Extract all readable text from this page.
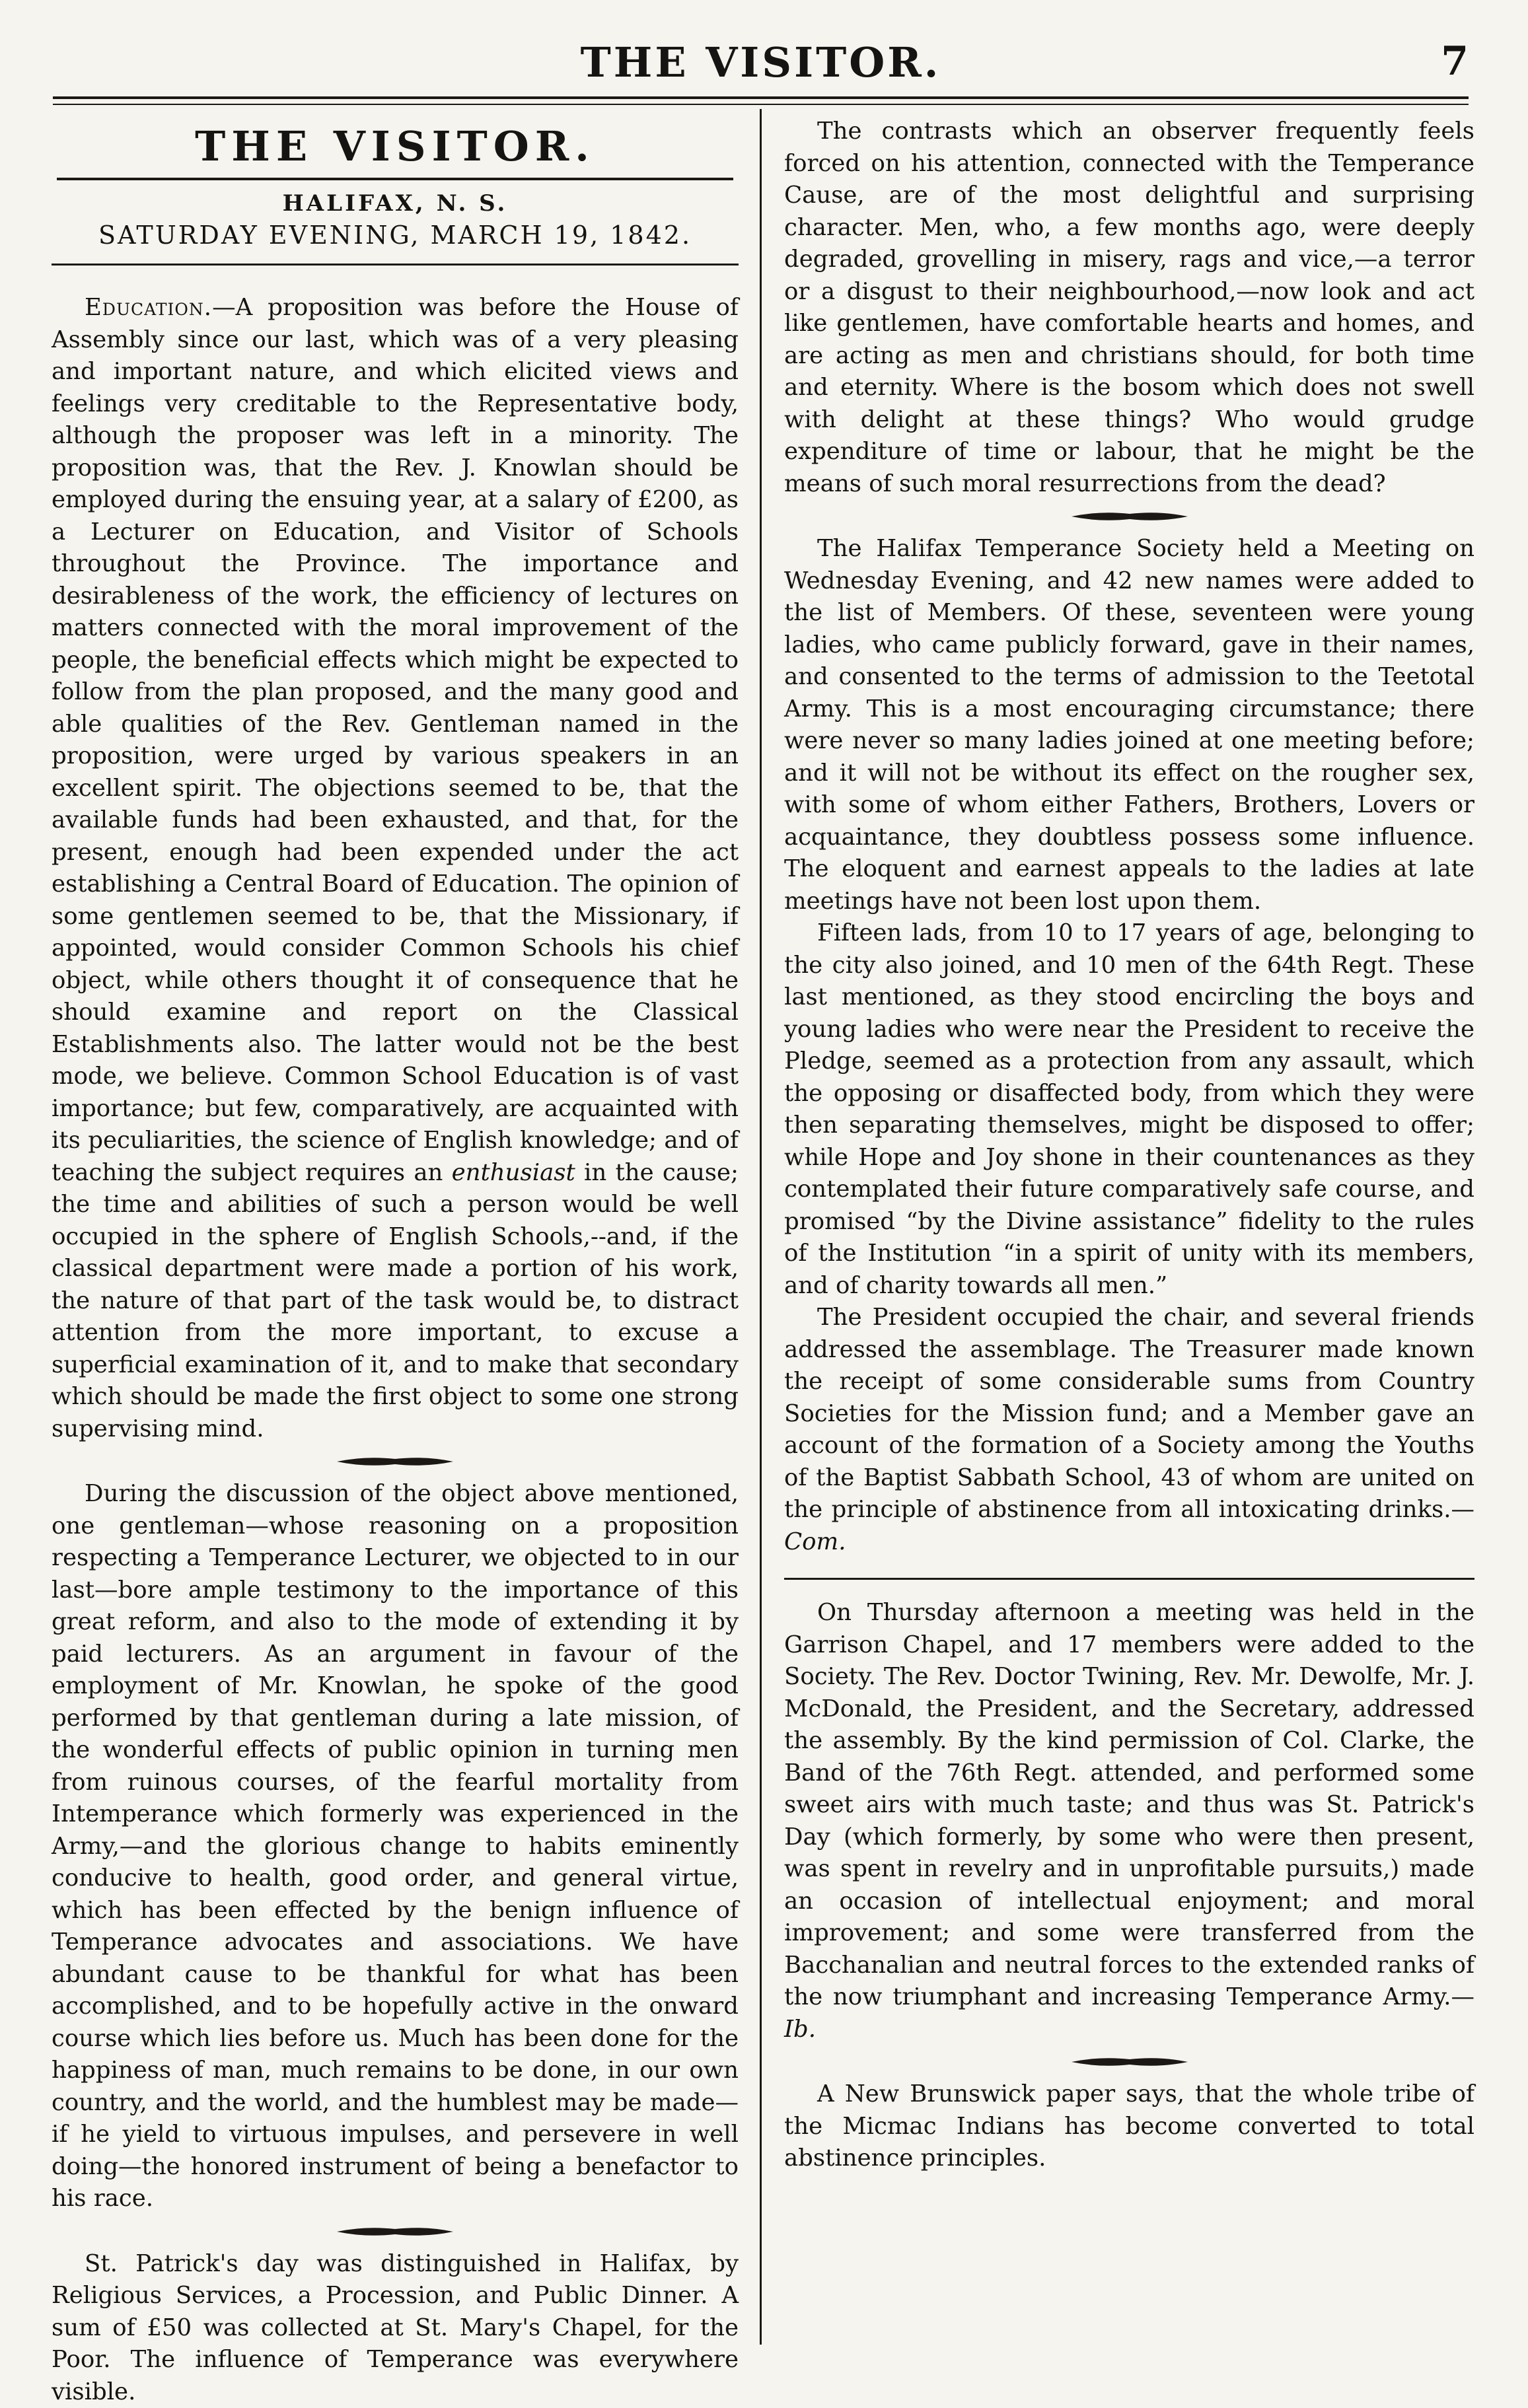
THE VISITOR.	7
THE VISITOR.
HALIFAX, N. S.
SATURDAY EVENING, MARCH 19, 1842.

Education.—A proposition was before the House of Assembly since our last, which was of a very pleasing and important nature, and which elicited views and feelings very creditable to the Representative body, although the proposer was left in a minority. The proposition was, that the Rev. J. Knowlan should be employed during the ensuing year, at a salary of £200, as a Lecturer on Education, and Visitor of Schools throughout the Province. The importance and desirableness of the work, the efficiency of lectures on matters connected with the moral improvement of the people, the beneficial effects which might be expected to follow from the plan proposed, and the many good and able qualities of the Rev. Gentleman named in the proposition, were urged by various speakers in an excellent spirit. The objections seemed to be, that the available funds had been exhausted, and that, for the present, enough had been expended under the act establishing a Central Board of Education. The opinion of some gentlemen seemed to be, that the Missionary, if appointed, would consider Common Schools his chief object, while others thought it of consequence that he should examine and report on the Classical Establishments also. The latter would not be the best mode, we believe. Common School Education is of vast importance; but few, comparatively, are acquainted with its peculiarities, the science of English knowledge; and of teaching the subject requires an enthusiast in the cause; the time and abilities of such a person would be well occupied in the sphere of English Schools,--and, if the classical department were made a portion of his work, the nature of that part of the task would be, to distract attention from the more important, to excuse a superficial examination of it, and to make that secondary which should be made the first object to some one strong supervising mind.

During the discussion of the object above mentioned, one gentleman—whose reasoning on a proposition respecting a Temperance Lecturer, we objected to in our last—bore ample testimony to the importance of this great reform, and also to the mode of extending it by paid lecturers. As an argument in favour of the employment of Mr. Knowlan, he spoke of the good performed by that gentleman during a late mission, of the wonderful effects of public opinion in turning men from ruinous courses, of the fearful mortality from Intemperance which formerly was experienced in the Army,—and the glorious change to habits eminently conducive to health, good order, and general virtue, which has been effected by the benign influence of Temperance advocates and associations. We have abundant cause to be thankful for what has been accomplished, and to be hopefully active in the onward course which lies before us. Much has been done for the happiness of man, much remains to be done, in our own country, and the world, and the humblest may be made—if he yield to virtuous impulses, and persevere in well doing—the honored instrument of being a benefactor to his race.

St. Patrick's day was distinguished in Halifax, by Religious Services, a Procession, and Public Dinner. A sum of £50 was collected at St. Mary's Chapel, for the Poor. The influence of Temperance was everywhere visible.

The contrasts which an observer frequently feels forced on his attention, connected with the Temperance Cause, are of the most delightful and surprising character. Men, who, a few months ago, were deeply degraded, grovelling in misery, rags and vice,—a terror or a disgust to their neighbourhood,—now look and act like gentlemen, have comfortable hearts and homes, and are acting as men and christians should, for both time and eternity. Where is the bosom which does not swell with delight at these things? Who would grudge expenditure of time or labour, that he might be the means of such moral resurrections from the dead?

The Halifax Temperance Society held a Meeting on Wednesday Evening, and 42 new names were added to the list of Members. Of these, seventeen were young ladies, who came publicly forward, gave in their names, and consented to the terms of admission to the Teetotal Army. This is a most encouraging circumstance; there were never so many ladies joined at one meeting before; and it will not be without its effect on the rougher sex, with some of whom either Fathers, Brothers, Lovers or acquaintance, they doubtless possess some influence. The eloquent and earnest appeals to the ladies at late meetings have not been lost upon them.

Fifteen lads, from 10 to 17 years of age, belonging to the city also joined, and 10 men of the 64th Regt. These last mentioned, as they stood encircling the boys and young ladies who were near the President to receive the Pledge, seemed as a protection from any assault, which the opposing or disaffected body, from which they were then separating themselves, might be disposed to offer; while Hope and Joy shone in their countenances as they contemplated their future comparatively safe course, and promised “by the Divine assistance” fidelity to the rules of the Institution “in a spirit of unity with its members, and of charity towards all men.”

The President occupied the chair, and several friends addressed the assemblage. The Treasurer made known the receipt of some considerable sums from Country Societies for the Mission fund; and a Member gave an account of the formation of a Society among the Youths of the Baptist Sabbath School, 43 of whom are united on the principle of abstinence from all intoxicating drinks.—Com.

On Thursday afternoon a meeting was held in the Garrison Chapel, and 17 members were added to the Society. The Rev. Doctor Twining, Rev. Mr. Dewolfe, Mr. J. McDonald, the President, and the Secretary, addressed the assembly. By the kind permission of Col. Clarke, the Band of the 76th Regt. attended, and performed some sweet airs with much taste; and thus was St. Patrick's Day (which formerly, by some who were then present, was spent in revelry and in unprofitable pursuits,) made an occasion of intellectual enjoyment; and moral improvement; and some were transferred from the Bacchanalian and neutral forces to the extended ranks of the now triumphant and increasing Temperance Army.—Ib.

A New Brunswick paper says, that the whole tribe of the Micmac Indians has become converted to total abstinence principles.
